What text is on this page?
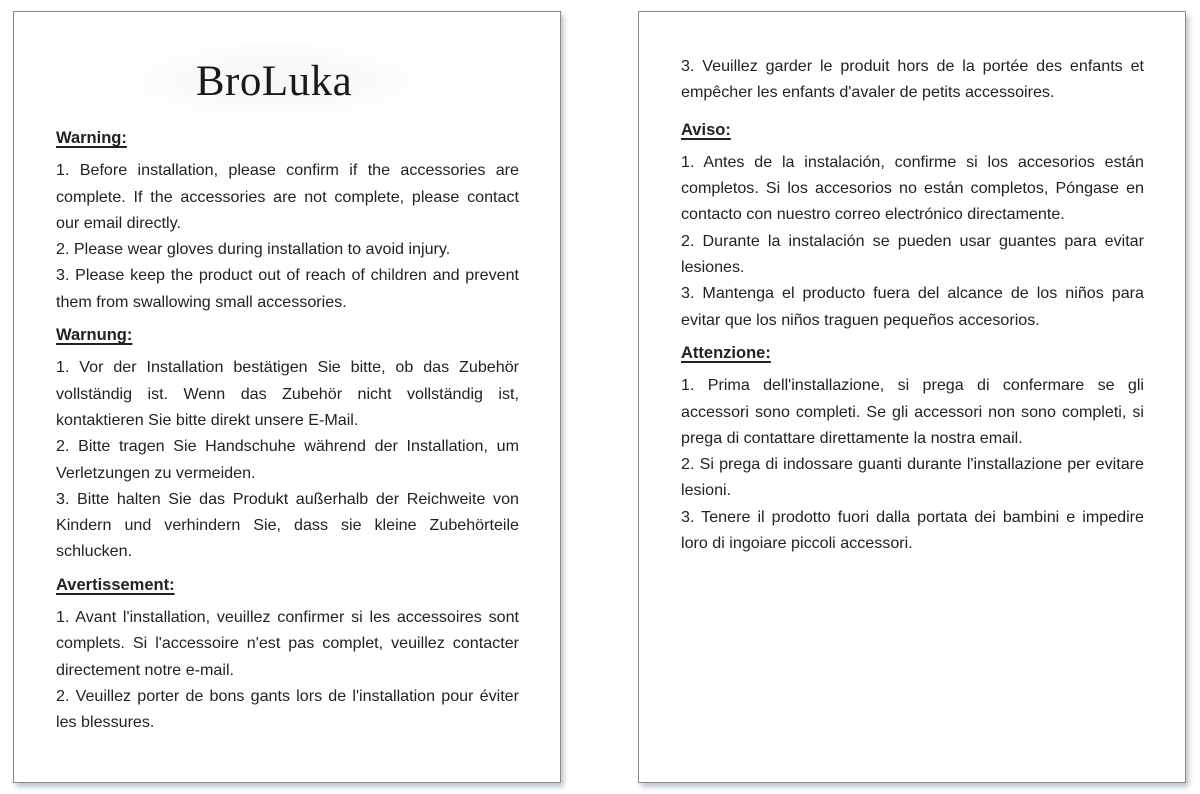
BroLuka
Warning:

1. Before installation, please confirm if the accessories are complete. If the accessories are not complete, please contact our email directly.

2. Please wear gloves during installation to avoid injury.

3. Please keep the product out of reach of children and prevent them from swallowing small accessories.

Warnung:

1. Vor der Installation bestätigen Sie bitte, ob das Zubehör vollständig ist. Wenn das Zubehör nicht vollständig ist, kontaktieren Sie bitte direkt unsere E-Mail.

2. Bitte tragen Sie Handschuhe während der Installation, um Verletzungen zu vermeiden.

3. Bitte halten Sie das Produkt außerhalb der Reichweite von Kindern und verhindern Sie, dass sie kleine Zubehörteile schlucken.

Avertissement:

1. Avant l'installation, veuillez confirmer si les accessoires sont complets. Si l'accessoire n'est pas complet, veuillez contacter directement notre e-mail.

2. Veuillez porter de bons gants lors de l'installation pour éviter les blessures.

3. Veuillez garder le produit hors de la portée des enfants et empêcher les enfants d'avaler de petits accessoires.

Aviso:

1. Antes de la instalación, confirme si los accesorios están completos. Si los accesorios no están completos, Póngase en contacto con nuestro correo electrónico directamente.

2. Durante la instalación se pueden usar guantes para evitar lesiones.

3. Mantenga el producto fuera del alcance de los niños para evitar que los niños traguen pequeños accesorios.

Attenzione:

1. Prima dell'installazione, si prega di confermare se gli accessori sono completi. Se gli accessori non sono completi, si prega di contattare direttamente la nostra email.

2. Si prega di indossare guanti durante l'installazione per evitare lesioni.

3. Tenere il prodotto fuori dalla portata dei bambini e impedire loro di ingoiare piccoli accessori.
